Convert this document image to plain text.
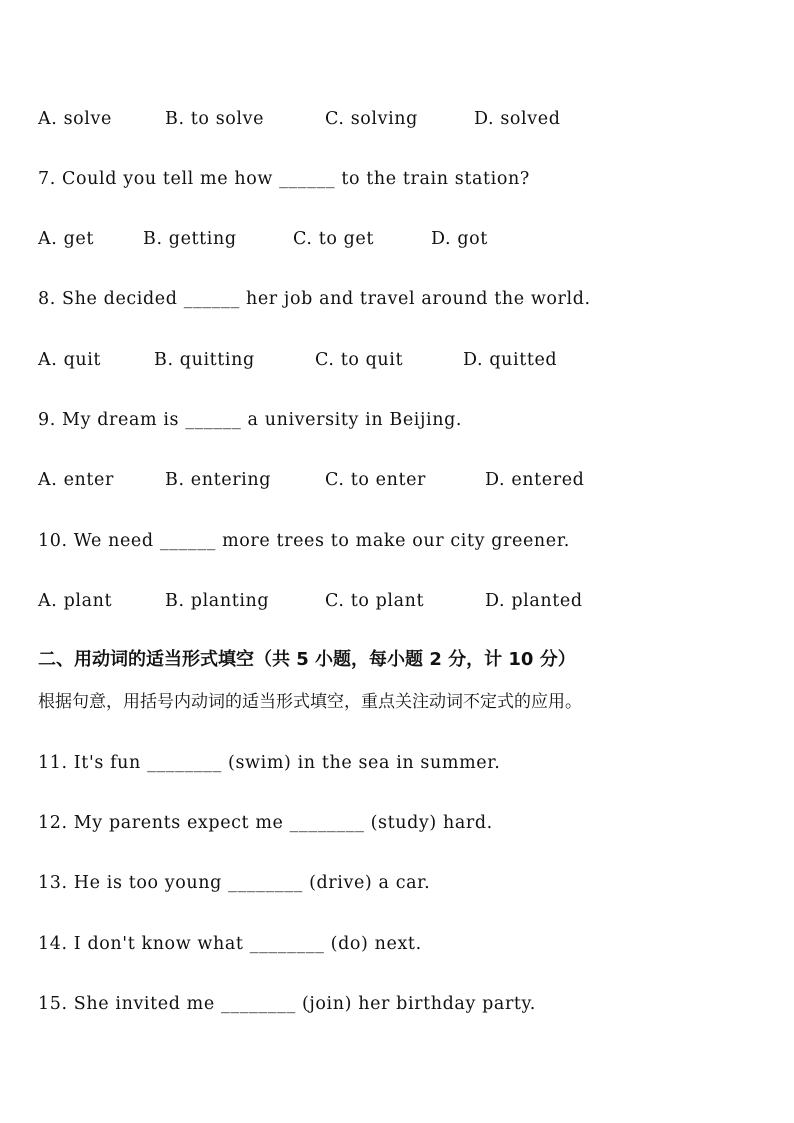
A. solve	B. to solve	C. solving	D. solved
7. Could you tell me how ______ to the train station?
A. get	B. getting	C. to get	D. got
8. She decided ______ her job and travel around the world.
A. quit	B. quitting	C. to quit	D. quitted
9. My dream is ______ a university in Beijing.
A. enter	B. entering	C. to enter	D. entered
10. We need ______ more trees to make our city greener.
A. plant	B. planting	C. to plant	D. planted
二、用动词的适当形式填空（共 5 小题，每小题 2 分，计 10 分）
根据句意，用括号内动词的适当形式填空，重点关注动词不定式的应用。
11. It's fun ________ (swim) in the sea in summer.
12. My parents expect me ________ (study) hard.
13. He is too young ________ (drive) a car.
14. I don't know what ________ (do) next.
15. She invited me ________ (join) her birthday party.
